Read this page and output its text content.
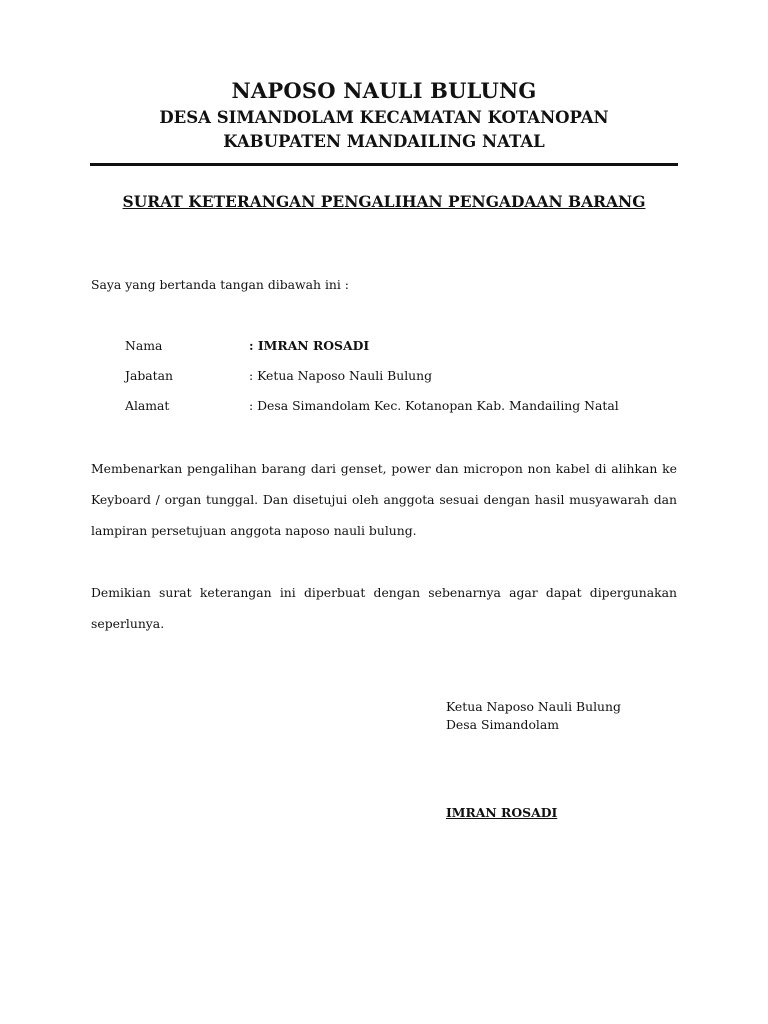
NAPOSO NAULI BULUNG
DESA SIMANDOLAM KECAMATAN KOTANOPAN
KABUPATEN MANDAILING NATAL
SURAT KETERANGAN PENGALIHAN PENGADAAN BARANG
Saya yang bertanda tangan dibawah ini :
Nama	: IMRAN ROSADI
Jabatan	: Ketua Naposo Nauli Bulung
Alamat	: Desa Simandolam Kec. Kotanopan Kab. Mandailing Natal
Membenarkan pengalihan barang dari genset, power dan micropon non kabel di alihkan ke
Keyboard / organ tunggal. Dan disetujui oleh anggota sesuai dengan hasil musyawarah dan
lampiran persetujuan anggota naposo nauli bulung.
Demikian surat keterangan ini diperbuat dengan sebenarnya agar dapat dipergunakan
seperlunya.
Ketua Naposo Nauli Bulung
Desa Simandolam
IMRAN ROSADI
